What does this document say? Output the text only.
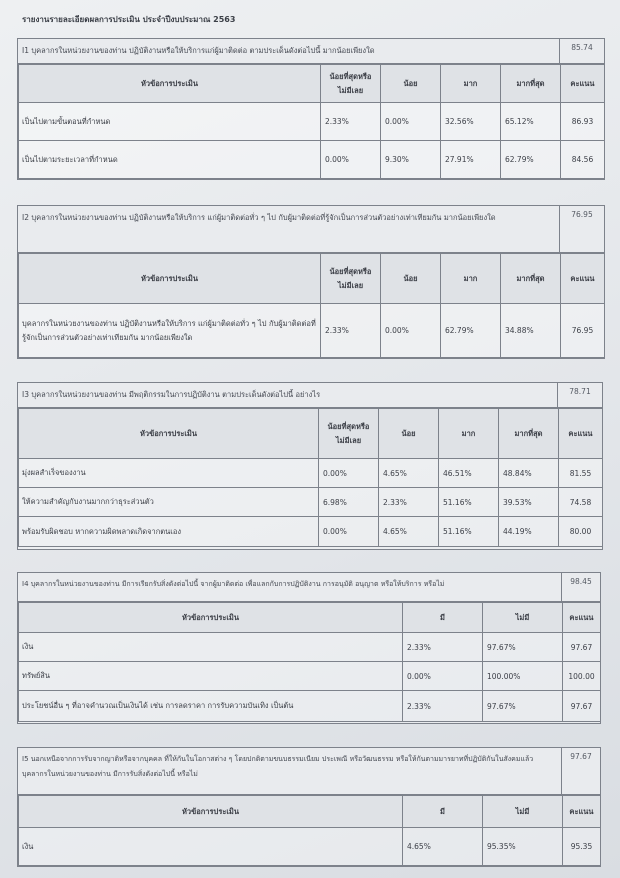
รายงานรายละเอียดผลการประเมิน ประจำปีงบประมาณ 2563
I1 บุคลากรในหน่วยงานของท่าน ปฏิบัติงานหรือให้บริการแก่ผู้มาติดต่อ ตามประเด็นดังต่อไปนี้ มากน้อยเพียงใด	85.74
หัวข้อการประเมิน	น้อยที่สุดหรือไม่มีเลย	น้อย	มาก	มากที่สุด	คะแนน
เป็นไปตามขั้นตอนที่กำหนด	2.33%	0.00%	32.56%	65.12%	86.93
เป็นไปตามระยะเวลาที่กำหนด	0.00%	9.30%	27.91%	62.79%	84.56
I2 บุคลากรในหน่วยงานของท่าน ปฏิบัติงานหรือให้บริการ แก่ผู้มาติดต่อทั่ว ๆ ไป กับผู้มาติดต่อที่รู้จักเป็นการส่วนตัวอย่างเท่าเทียมกัน มากน้อยเพียงใด	76.95
หัวข้อการประเมิน	น้อยที่สุดหรือไม่มีเลย	น้อย	มาก	มากที่สุด	คะแนน
บุคลากรในหน่วยงานของท่าน ปฏิบัติงานหรือให้บริการ แก่ผู้มาติดต่อทั่ว ๆ ไป กับผู้มาติดต่อที่รู้จักเป็นการส่วนตัวอย่างเท่าเทียมกัน มากน้อยเพียงใด	2.33%	0.00%	62.79%	34.88%	76.95
I3 บุคลากรในหน่วยงานของท่าน มีพฤติกรรมในการปฏิบัติงาน ตามประเด็นดังต่อไปนี้ อย่างไร	78.71
หัวข้อการประเมิน	น้อยที่สุดหรือไม่มีเลย	น้อย	มาก	มากที่สุด	คะแนน
มุ่งผลสำเร็จของงาน	0.00%	4.65%	46.51%	48.84%	81.55
ให้ความสำคัญกับงานมากกว่าธุระส่วนตัว	6.98%	2.33%	51.16%	39.53%	74.58
พร้อมรับผิดชอบ หากความผิดพลาดเกิดจากตนเอง	0.00%	4.65%	51.16%	44.19%	80.00
I4 บุคลากรในหน่วยงานของท่าน มีการเรียกรับสิ่งดังต่อไปนี้ จากผู้มาติดต่อ เพื่อแลกกับการปฏิบัติงาน การอนุมัติ อนุญาต หรือให้บริการ หรือไม่	98.45
หัวข้อการประเมิน	มี	ไม่มี	คะแนน
เงิน	2.33%	97.67%	97.67
ทรัพย์สิน	0.00%	100.00%	100.00
ประโยชน์อื่น ๆ ที่อาจคำนวณเป็นเงินได้ เช่น การลดราคา การรับความบันเทิง เป็นต้น	2.33%	97.67%	97.67
I5 นอกเหนือจากการรับจากญาติหรือจากบุคคล ที่ให้กันในโอกาสต่าง ๆ โดยปกติตามขนบธรรมเนียม ประเพณี หรือวัฒนธรรม หรือให้กันตามมารยาทที่ปฏิบัติกันในสังคมแล้ว บุคลากรในหน่วยงานของท่าน มีการรับสิ่งดังต่อไปนี้ หรือไม่
97.67
หัวข้อการประเมิน	มี	ไม่มี	คะแนน
เงิน	4.65%	95.35%	95.35
